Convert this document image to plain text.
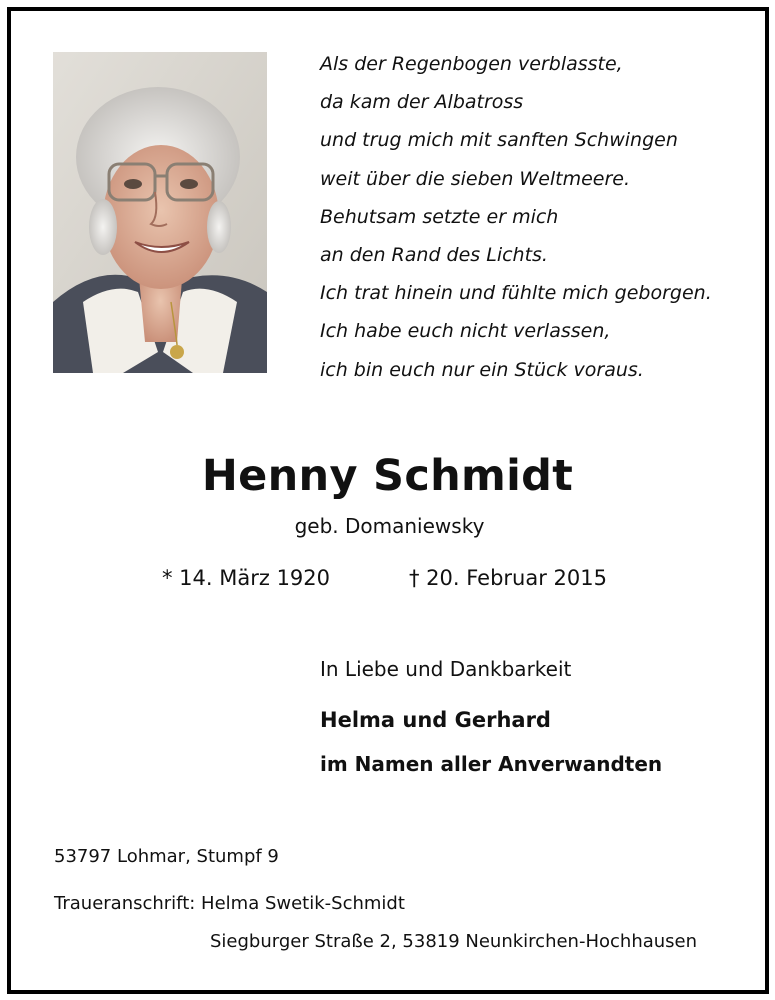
Als der Regenbogen verblasste,
da kam der Albatross
und trug mich mit sanften Schwingen
weit über die sieben Weltmeere.
Behutsam setzte er mich
an den Rand des Lichts.
Ich trat hinein und fühlte mich geborgen.
Ich habe euch nicht verlassen,
ich bin euch nur ein Stück voraus.
Henny Schmidt
geb. Domaniewsky
* 14. März 1920	† 20. Februar 2015
In Liebe und Dankbarkeit
Helma und Gerhard
im Namen aller Anverwandten
53797 Lohmar, Stumpf 9
Traueranschrift: Helma Swetik-Schmidt
Siegburger Straße 2, 53819 Neunkirchen-Hochhausen
